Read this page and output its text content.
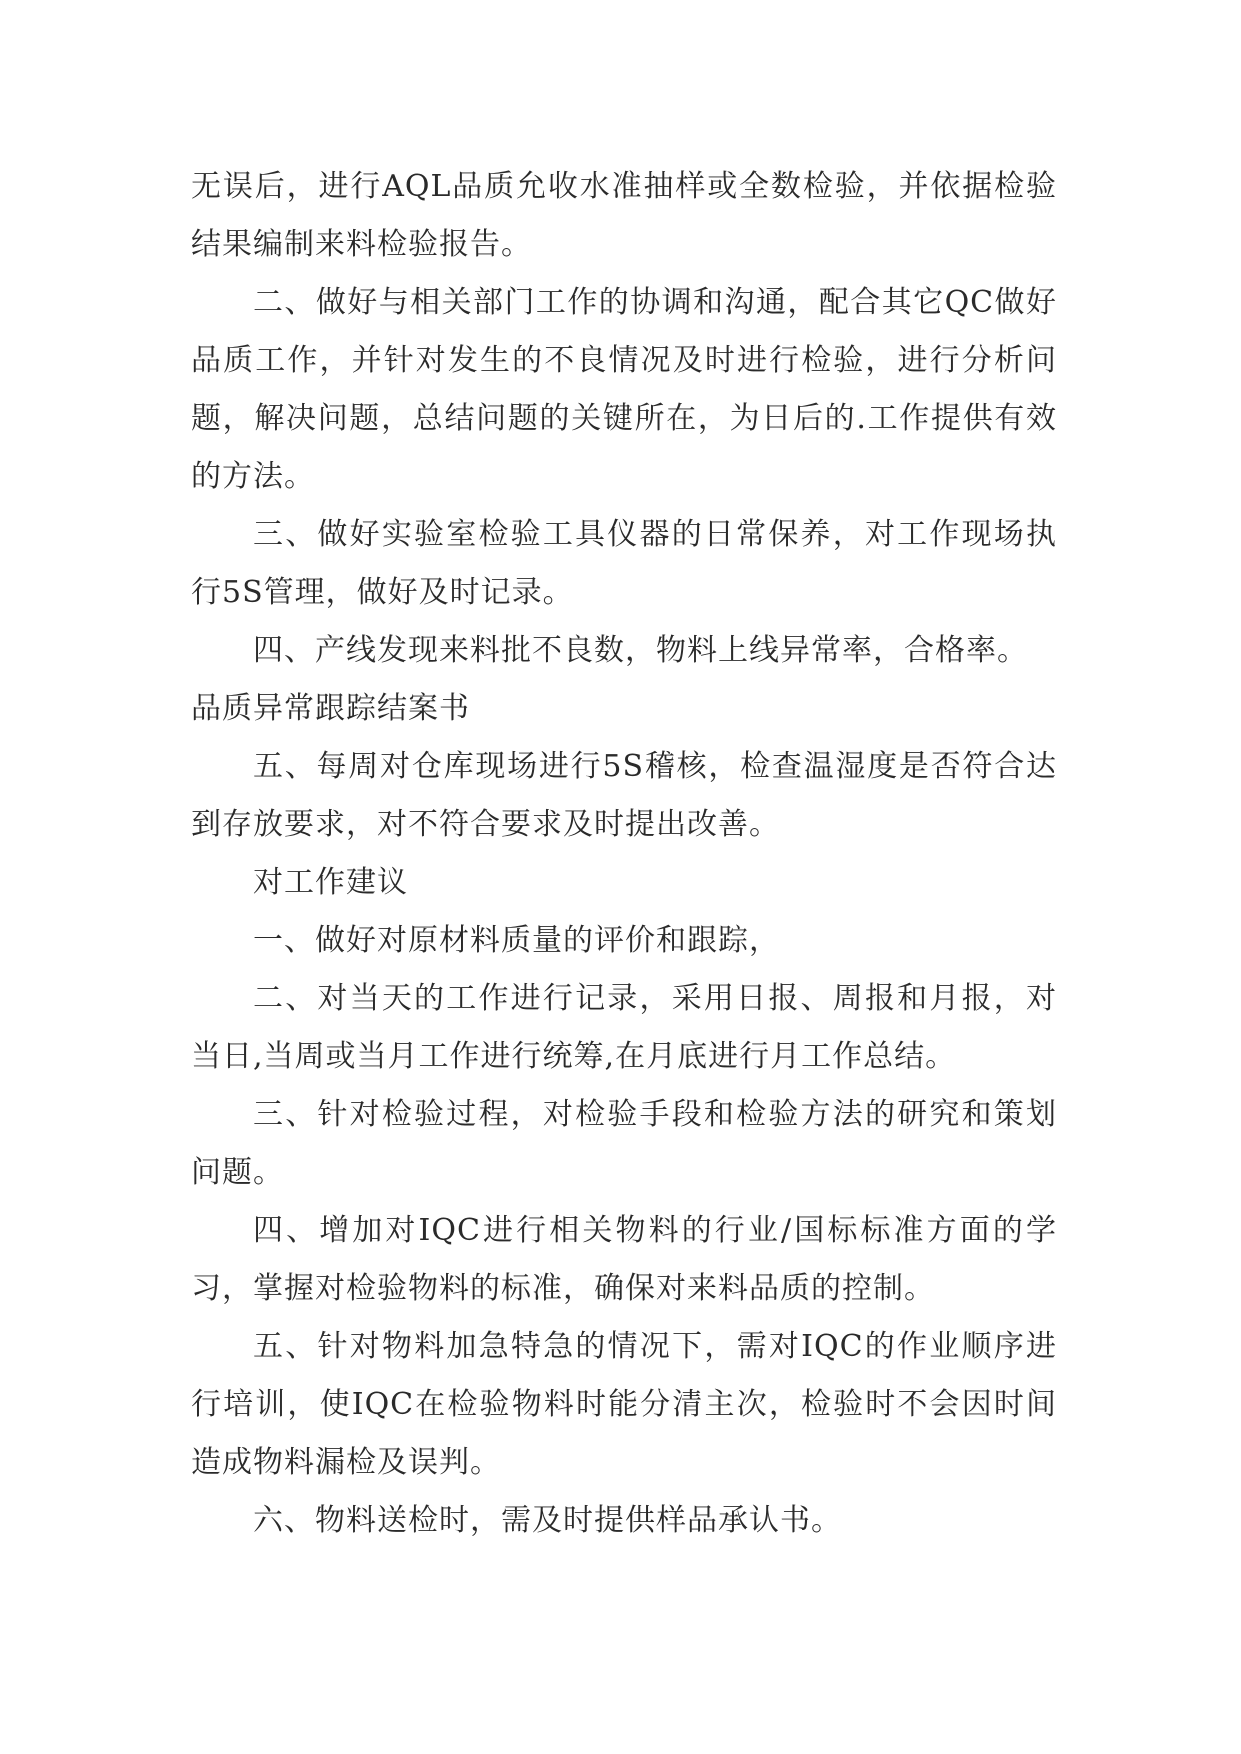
无误后，进行AQL品质允收水准抽样或全数检验，并依据检验结果编制来料检验报告。

二、做好与相关部门工作的协调和沟通，配合其它QC做好品质工作，并针对发生的不良情况及时进行检验，进行分析问题，解决问题，总结问题的关键所在，为日后的.工作提供有效的方法。

三、做好实验室检验工具仪器的日常保养，对工作现场执行5S管理，做好及时记录。

四、产线发现来料批不良数，物料上线异常率，合格率。

品质异常跟踪结案书

五、每周对仓库现场进行5S稽核，检查温湿度是否符合达到存放要求，对不符合要求及时提出改善。

对工作建议

一、做好对原材料质量的评价和跟踪，

二、对当天的工作进行记录，采用日报、周报和月报，对当日,当周或当月工作进行统筹,在月底进行月工作总结。

三、针对检验过程，对检验手段和检验方法的研究和策划问题。

四、增加对IQC进行相关物料的行业/国标标准方面的学习，掌握对检验物料的标准，确保对来料品质的控制。

五、针对物料加急特急的情况下，需对IQC的作业顺序进行培训，使IQC在检验物料时能分清主次，检验时不会因时间造成物料漏检及误判。

六、物料送检时，需及时提供样品承认书。
